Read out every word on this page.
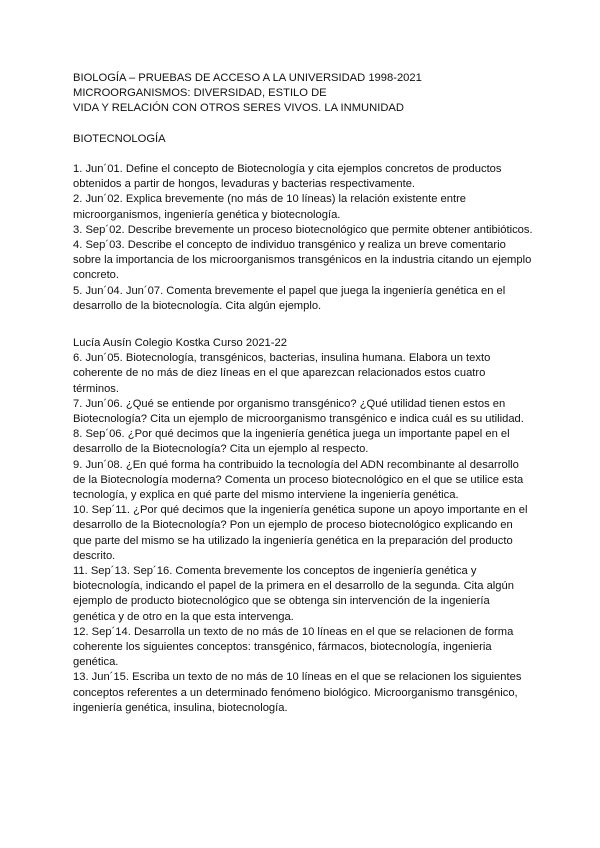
BIOLOGÍA – PRUEBAS DE ACCESO A LA UNIVERSIDAD 1998-2021
MICROORGANISMOS: DIVERSIDAD, ESTILO DE
VIDA Y RELACIÓN CON OTROS SERES VIVOS. LA INMUNIDAD
BIOTECNOLOGÍA
1. Jun´01. Define el concepto de Biotecnología y cita ejemplos concretos de productos obtenidos a partir de hongos, levaduras y bacterias respectivamente.
2. Jun´02. Explica brevemente (no más de 10 líneas) la relación existente entre microorganismos, ingeniería genética y biotecnología.
3. Sep´02. Describe brevemente un proceso biotecnológico que permite obtener antibióticos.
4. Sep´03. Describe el concepto de individuo transgénico y realiza un breve comentario sobre la importancia de los microorganismos transgénicos en la industria citando un ejemplo concreto.
5. Jun´04. Jun´07. Comenta brevemente el papel que juega la ingeniería genética en el desarrollo de la biotecnología. Cita algún ejemplo.
Lucía Ausín Colegio Kostka Curso 2021-22
6. Jun´05. Biotecnología, transgénicos, bacterias, insulina humana. Elabora un texto coherente de no más de diez líneas en el que aparezcan relacionados estos cuatro términos.
7. Jun´06. ¿Qué se entiende por organismo transgénico? ¿Qué utilidad tienen estos en Biotecnología? Cita un ejemplo de microorganismo transgénico e indica cuál es su utilidad.
8. Sep´06. ¿Por qué decimos que la ingeniería genética juega un importante papel en el desarrollo de la Biotecnología? Cita un ejemplo al respecto.
9. Jun´08. ¿En qué forma ha contribuido la tecnología del ADN recombinante al desarrollo de la Biotecnología moderna? Comenta un proceso biotecnológico en el que se utilice esta tecnología, y explica en qué parte del mismo interviene la ingeniería genética.
10. Sep´11. ¿Por qué decimos que la ingeniería genética supone un apoyo importante en el desarrollo de la Biotecnología? Pon un ejemplo de proceso biotecnológico explicando en que parte del mismo se ha utilizado la ingeniería genética en la preparación del producto descrito.
11. Sep´13. Sep´16. Comenta brevemente los conceptos de ingeniería genética y biotecnología, indicando el papel de la primera en el desarrollo de la segunda. Cita algún ejemplo de producto biotecnológico que se obtenga sin intervención de la ingeniería genética y de otro en la que esta intervenga.
12. Sep´14. Desarrolla un texto de no más de 10 líneas en el que se relacionen de forma coherente los siguientes conceptos: transgénico, fármacos, biotecnología, ingenieria genética.
13. Jun´15. Escriba un texto de no más de 10 líneas en el que se relacionen los siguientes conceptos referentes a un determinado fenómeno biológico. Microorganismo transgénico, ingeniería genética, insulina, biotecnología.
